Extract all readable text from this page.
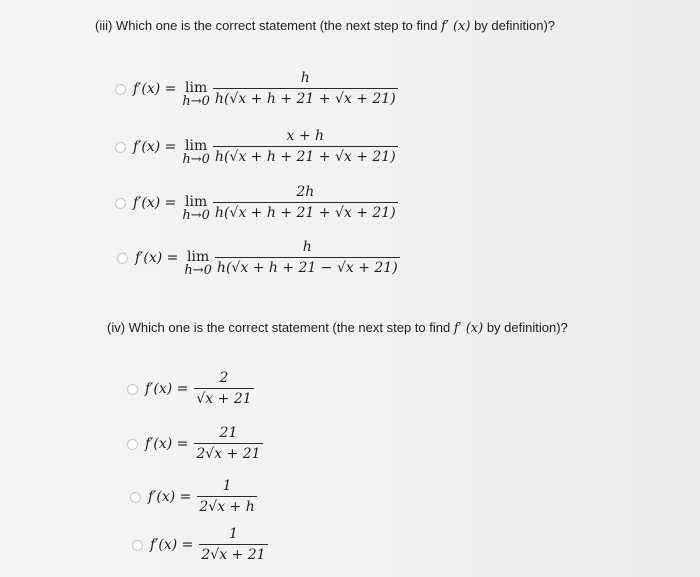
(iii) Which one is the correct statement (the next step to find f′ (x) by definition)?
f′(x) = lim
$h\to 0 \frac{h}{h(√x + h + 21 + √x + 21)}$
f′(x) = lim
$h\to 0 \frac{x + h}{h(√x + h + 21 + √x + 21)}$
f′(x) = lim
$h\to 0 \frac{2h}{h(√x + h + 21 + √x + 21)}$
f′(x) = lim
$h\to 0 \frac{h}{h(√x + h + 21 - √x + 21)}$
(iv) Which one is the correct statement (the next step to find f′ (x) by definition)?
$f'(x) = \frac{2}{√x + 21}$
$f'(x) = \frac{21}{2√x + 21}$
$f'(x) = \frac{1}{2√x + h}$
$f'(x) = \frac{1}{2√x + 21}$
